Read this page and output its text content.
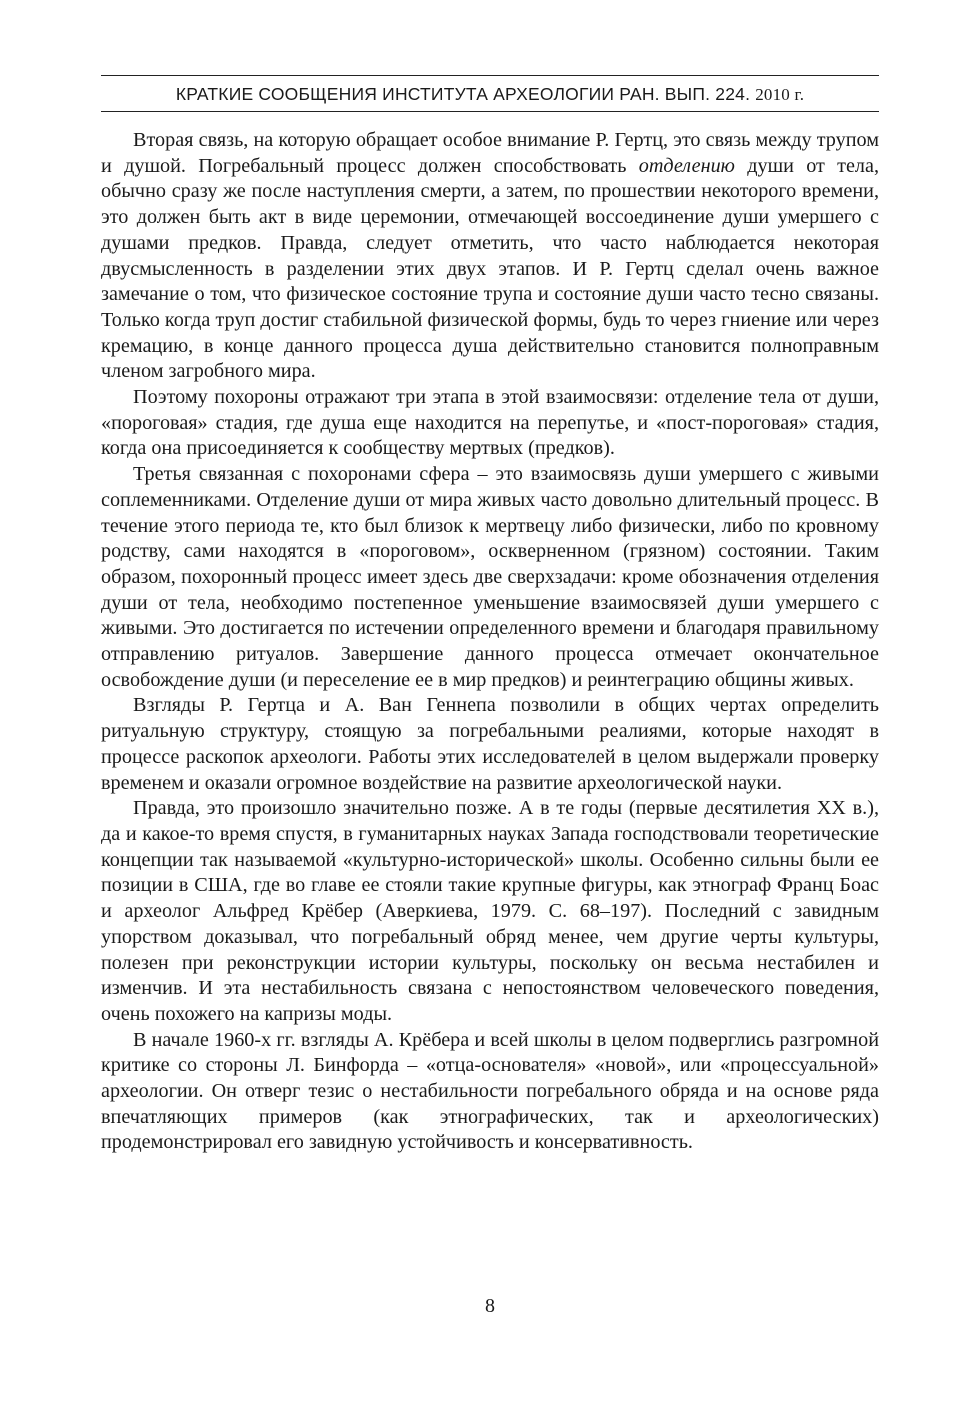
КРАТКИЕ СООБЩЕНИЯ ИНСТИТУТА АРХЕОЛОГИИ РАН. ВЫП. 224. 2010 г.

Вторая связь, на которую обращает особое внимание Р. Гертц, это связь между трупом и душой. Погребальный процесс должен способствовать отделению души от тела, обычно сразу же после наступления смерти, а затем, по прошествии некоторого времени, это должен быть акт в виде церемонии, отмечающей воссоединение души умершего с душами предков. Правда, следует отметить, что часто наблюдается некоторая двусмысленность в разделении этих двух этапов. И Р. Гертц сделал очень важное замечание о том, что физическое состояние трупа и состояние души часто тесно связаны. Только когда труп достиг стабильной физической формы, будь то через гниение или через кремацию, в конце данного процесса душа действительно становится полноправным членом загробного мира.

Поэтому похороны отражают три этапа в этой взаимосвязи: отделение тела от души, «пороговая» стадия, где душа еще находится на перепутье, и «пост-пороговая» стадия, когда она присоединяется к сообществу мертвых (предков).

Третья связанная с похоронами сфера – это взаимосвязь души умершего с живыми соплеменниками. Отделение души от мира живых часто довольно длительный процесс. В течение этого периода те, кто был близок к мертвецу либо физически, либо по кровному родству, сами находятся в «пороговом», оскверненном (грязном) состоянии. Таким образом, похоронный процесс имеет здесь две сверхзадачи: кроме обозначения отделения души от тела, необходимо постепенное уменьшение взаимосвязей души умершего с живыми. Это достигается по истечении определенного времени и благодаря правильному отправлению ритуалов. Завершение данного процесса отмечает окончательное освобождение души (и переселение ее в мир предков) и реинтеграцию общины живых.

Взгляды Р. Гертца и А. Ван Геннепа позволили в общих чертах определить ритуальную структуру, стоящую за погребальными реалиями, которые находят в процессе раскопок археологи. Работы этих исследователей в целом выдержали проверку временем и оказали огромное воздействие на развитие археологической науки.

Правда, это произошло значительно позже. А в те годы (первые десятилетия XX в.), да и какое-то время спустя, в гуманитарных науках Запада господствовали теоретические концепции так называемой «культурно-исторической» школы. Особенно сильны были ее позиции в США, где во главе ее стояли такие крупные фигуры, как этнограф Франц Боас и археолог Альфред Крёбер (Аверкиева, 1979. С. 68–197). Последний с завидным упорством доказывал, что погребальный обряд менее, чем другие черты культуры, полезен при реконструкции истории культуры, поскольку он весьма нестабилен и изменчив. И эта нестабильность связана с непостоянством человеческого поведения, очень похожего на капризы моды.

В начале 1960-х гг. взгляды А. Крёбера и всей школы в целом подверглись разгромной критике со стороны Л. Бинфорда – «отца-основателя» «новой», или «процессуальной» археологии. Он отверг тезис о нестабильности погребального обряда и на основе ряда впечатляющих примеров (как этнографических, так и археологических) продемонстрировал его завидную устойчивость и консервативность.

8
